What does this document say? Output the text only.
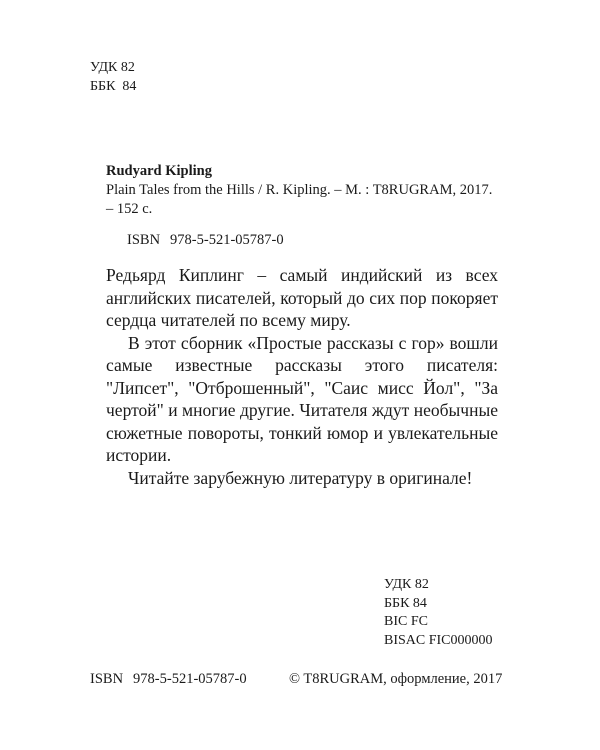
УДК 82
ББК  84
Rudyard Kipling
Plain Tales from the Hills / R. Kipling. – M. : T8RUGRAM, 2017.
– 152 c.
ISBN 978-5-521-05787-0

Редьярд Киплинг – самый индийский из всех английских писателей, который до сих пор покоряет сердца читателей по всему миру.

В этот сборник «Простые рассказы с гор» вошли самые известные рассказы этого писателя: "Липсет", "Отброшенный", "Саис мисс Йол", "За чертой" и многие другие. Читателя ждут необычные сюжетные повороты, тонкий юмор и увлекательные истории.

Читайте зарубежную литературу в оригинале!

УДК 82
ББК 84
BIC FC
BISAC FIC000000
ISBN 978-5-521-05787-0	© T8RUGRAM, оформление, 2017
